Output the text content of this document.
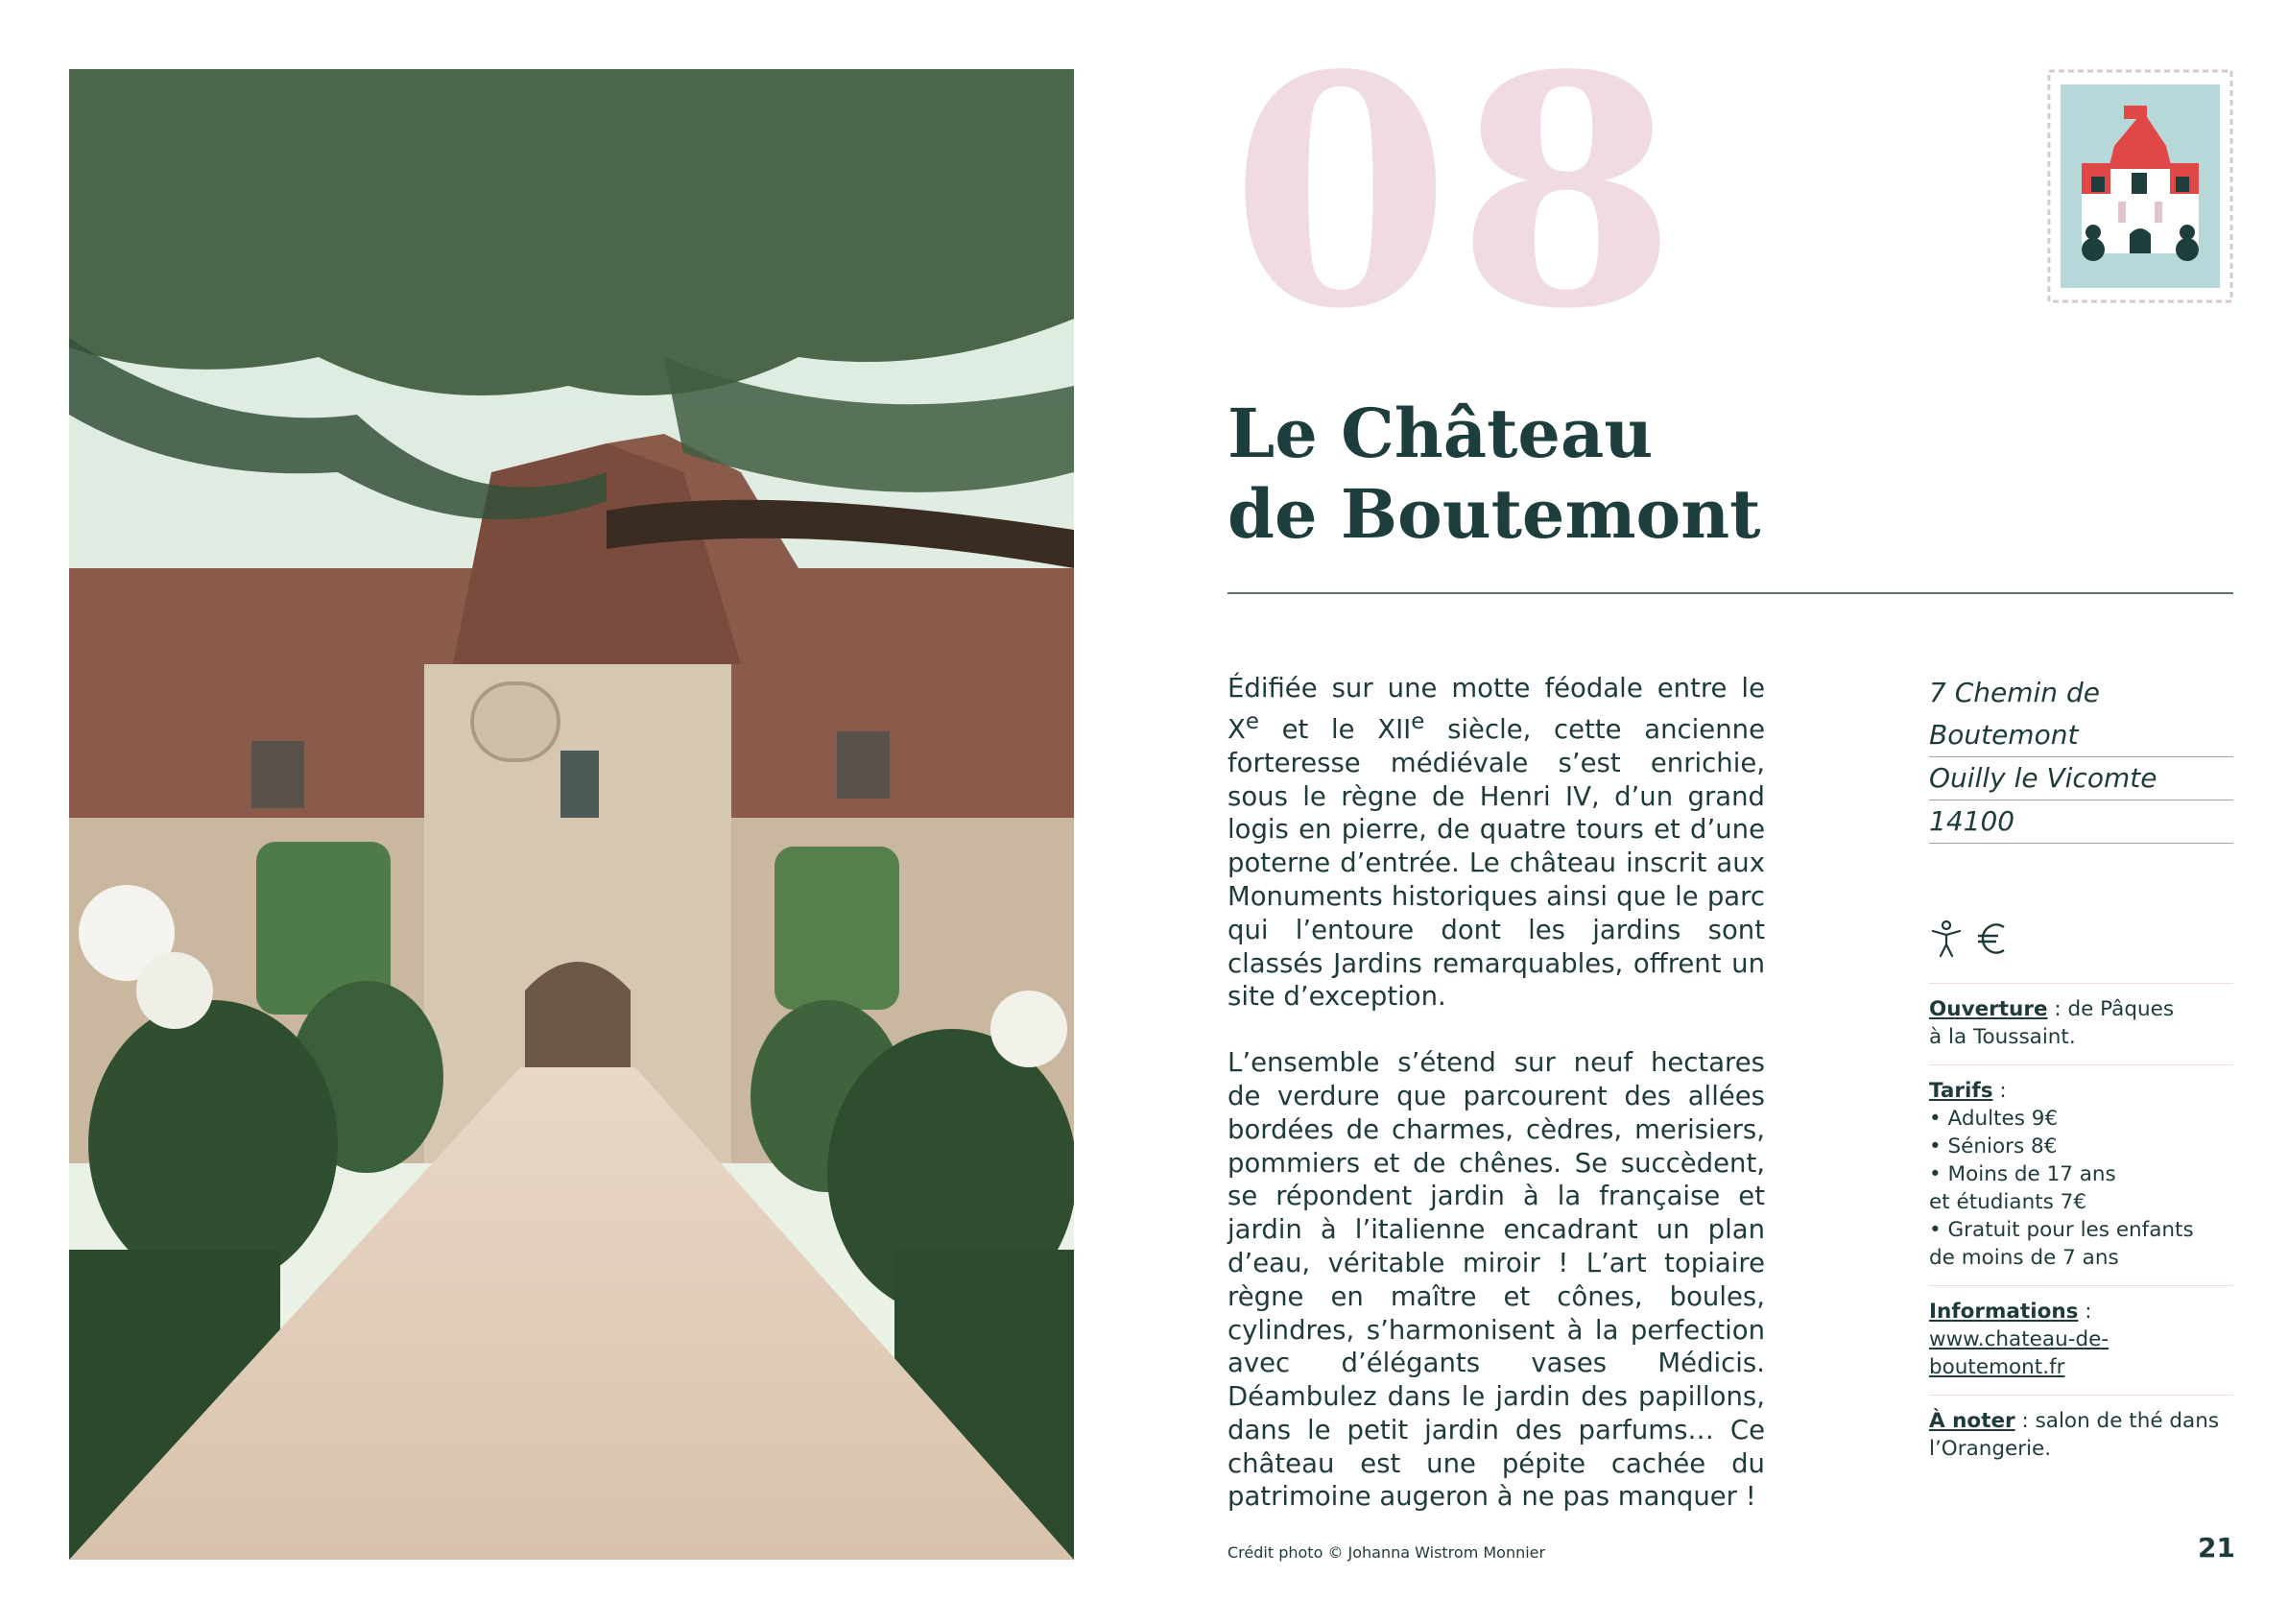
08
Le Château
de Boutemont

Édifiée sur une motte féodale entre le Xe et le XIIe siècle, cette ancienne forteresse médiévale s’est enrichie, sous le règne de Henri IV, d’un grand logis en pierre, de quatre tours et d’une poterne d’entrée. Le château inscrit aux Monuments historiques ainsi que le parc qui l’entoure dont les jardins sont classés Jardins remarquables, offrent un site d’exception.

L’ensemble s’étend sur neuf hectares de verdure que parcourent des allées bordées de charmes, cèdres, merisiers, pommiers et de chênes. Se succèdent, se répondent jardin à la française et jardin à l’italienne encadrant un plan d’eau, véritable miroir ! L’art topiaire règne en maître et cônes, boules, cylindres, s’harmonisent à la perfection avec d’élégants vases Médicis. Déambulez dans le jardin des papillons, dans le petit jardin des parfums… Ce château est une pépite cachée du patrimoine augeron à ne pas manquer !

7 Chemin de Boutemont
Ouilly le Vicomte
14100
Ouverture : de Pâques
à la Toussaint.
Tarifs :
• Adultes 9€
• Séniors 8€
• Moins de 17 ans
et étudiants 7€
• Gratuit pour les enfants
de moins de 7 ans
Informations :
www.chateau-de-boutemont.fr
À noter : salon de thé dans
l’Orangerie.
Crédit photo © Johanna Wistrom Monnier	21
